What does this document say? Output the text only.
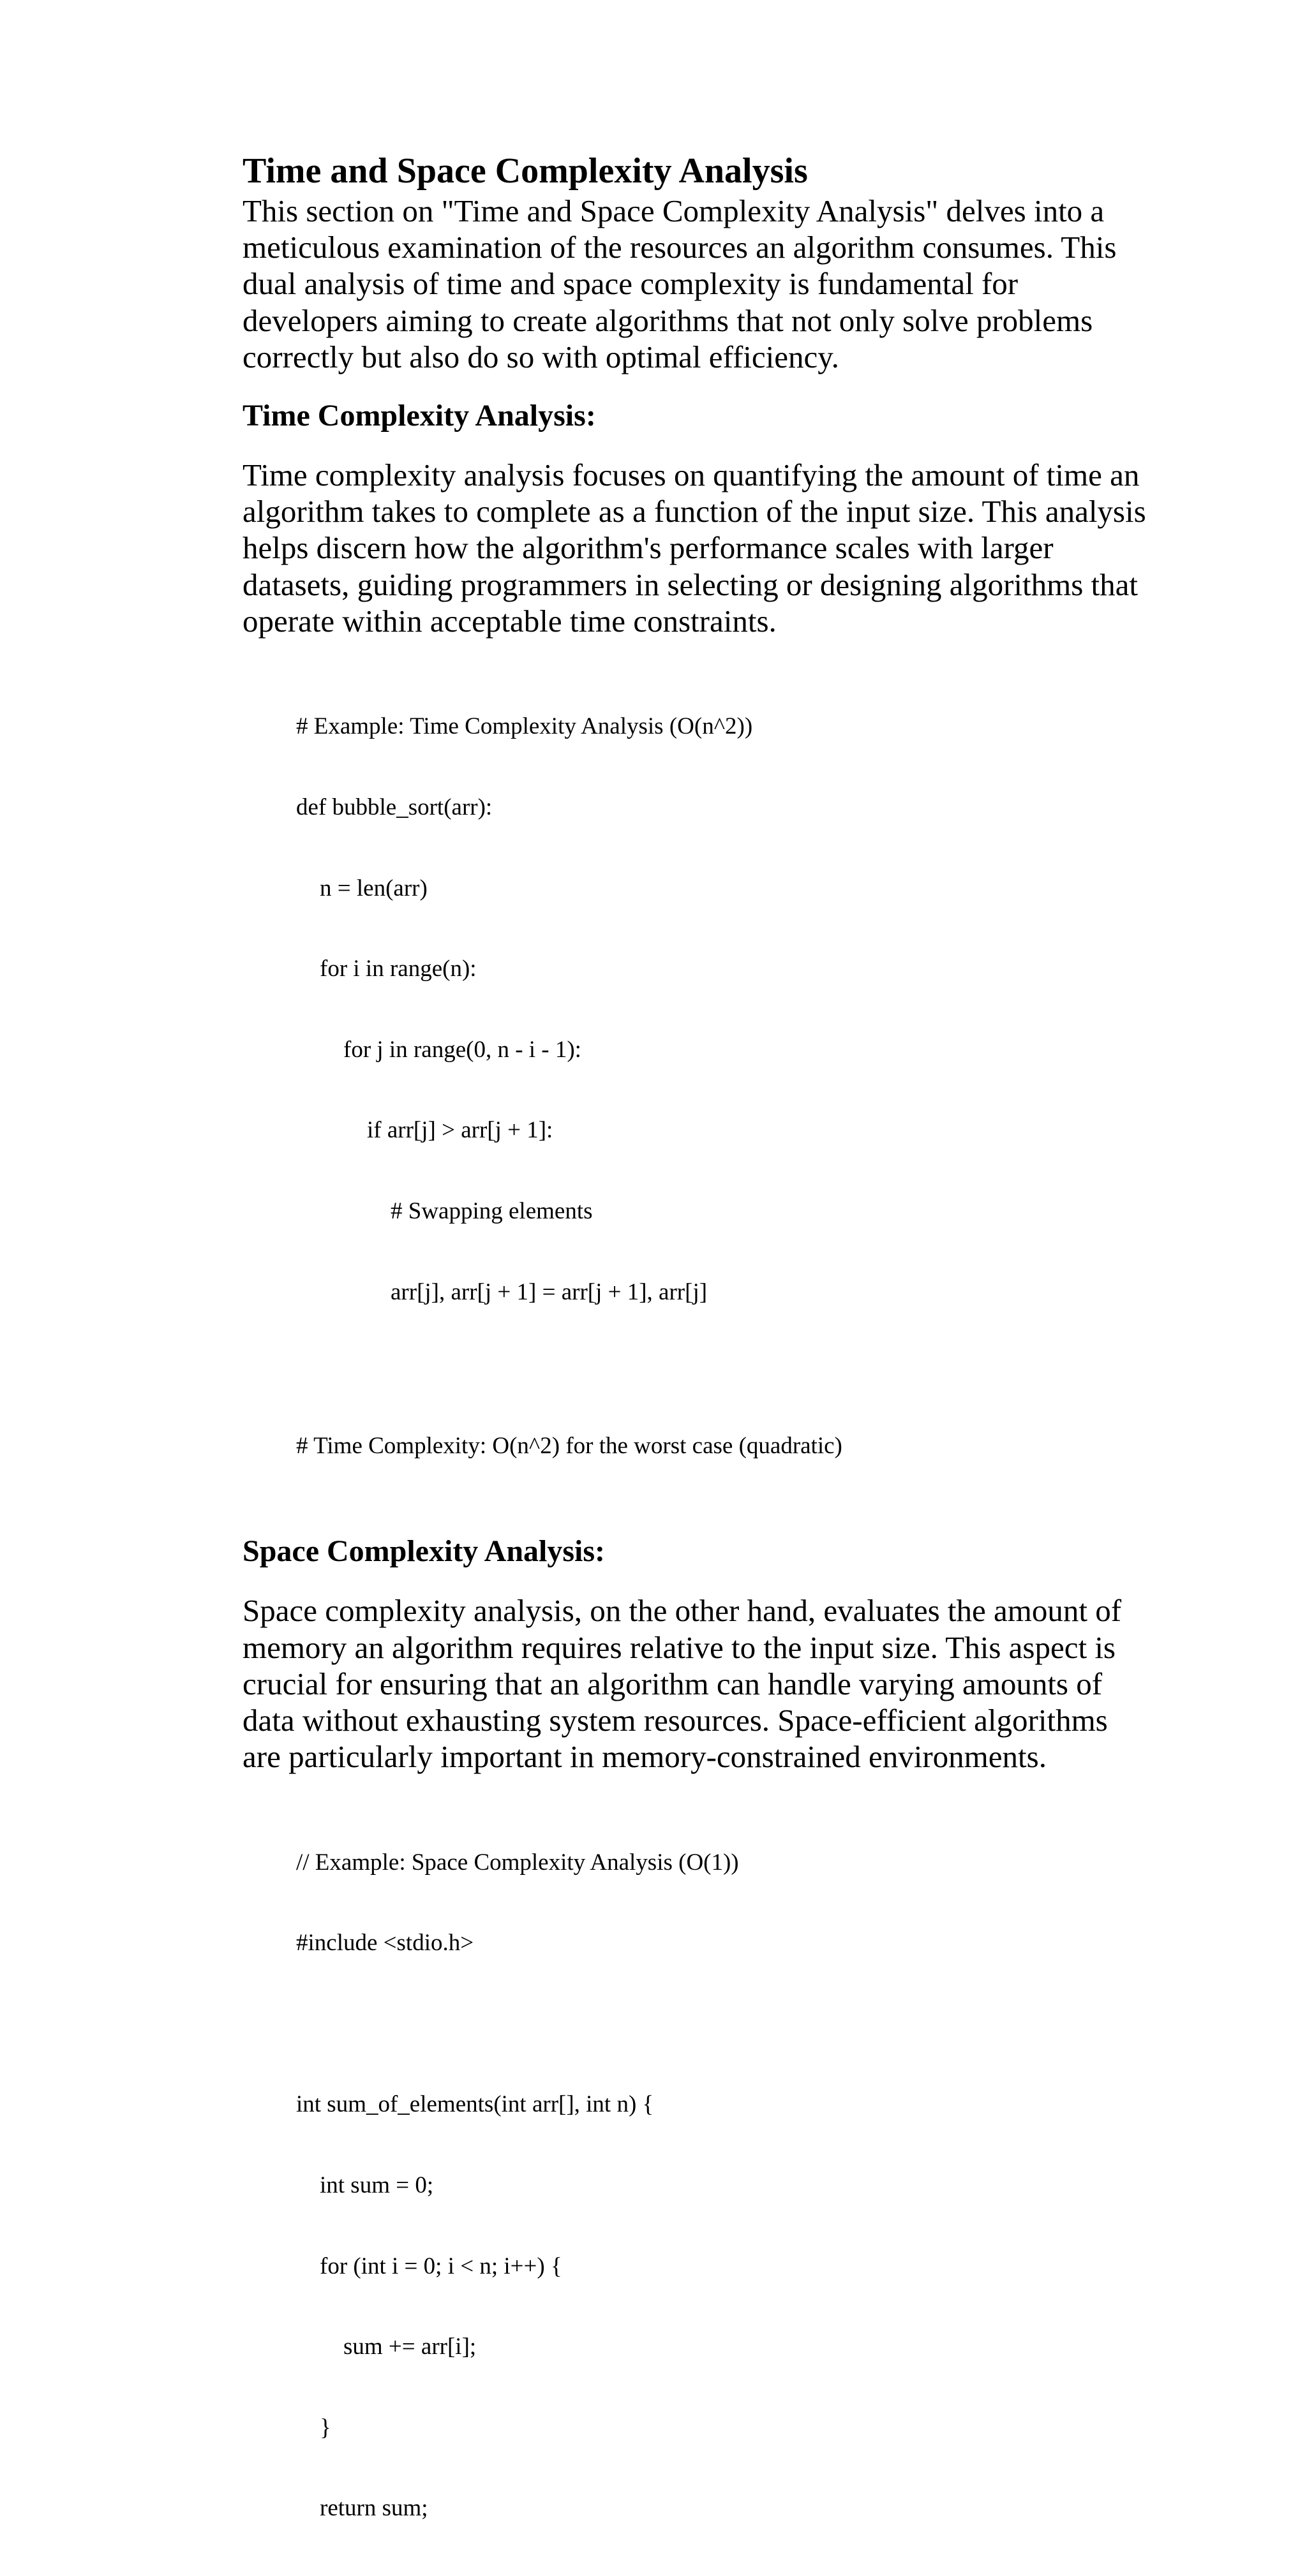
Time and Space Complexity Analysis

This section on "Time and Space Complexity Analysis" delves into a meticulous examination of the resources an algorithm consumes. This dual analysis of time and space complexity is fundamental for developers aiming to create algorithms that not only solve problems correctly but also do so with optimal efficiency.

Time Complexity Analysis:

Time complexity analysis focuses on quantifying the amount of time an algorithm takes to complete as a function of the input size. This analysis helps discern how the algorithm's performance scales with larger datasets, guiding programmers in selecting or designing algorithms that operate within acceptable time constraints.

# Example: Time Complexity Analysis (O(n^2))

def bubble_sort(arr):

n = len(arr)

for i in range(n):

for j in range(0, n - i - 1):

if arr[j] > arr[j + 1]:

# Swapping elements

arr[j], arr[j + 1] = arr[j + 1], arr[j]

# Time Complexity: O(n^2) for the worst case (quadratic)

Space Complexity Analysis:

Space complexity analysis, on the other hand, evaluates the amount of memory an algorithm requires relative to the input size. This aspect is crucial for ensuring that an algorithm can handle varying amounts of data without exhausting system resources. Space-efficient algorithms are particularly important in memory-constrained environments.

// Example: Space Complexity Analysis (O(1))

#include <stdio.h>

int sum_of_elements(int arr[], int n) {

int sum = 0;

for (int i = 0; i < n; i++) {

sum += arr[i];

}

return sum;
